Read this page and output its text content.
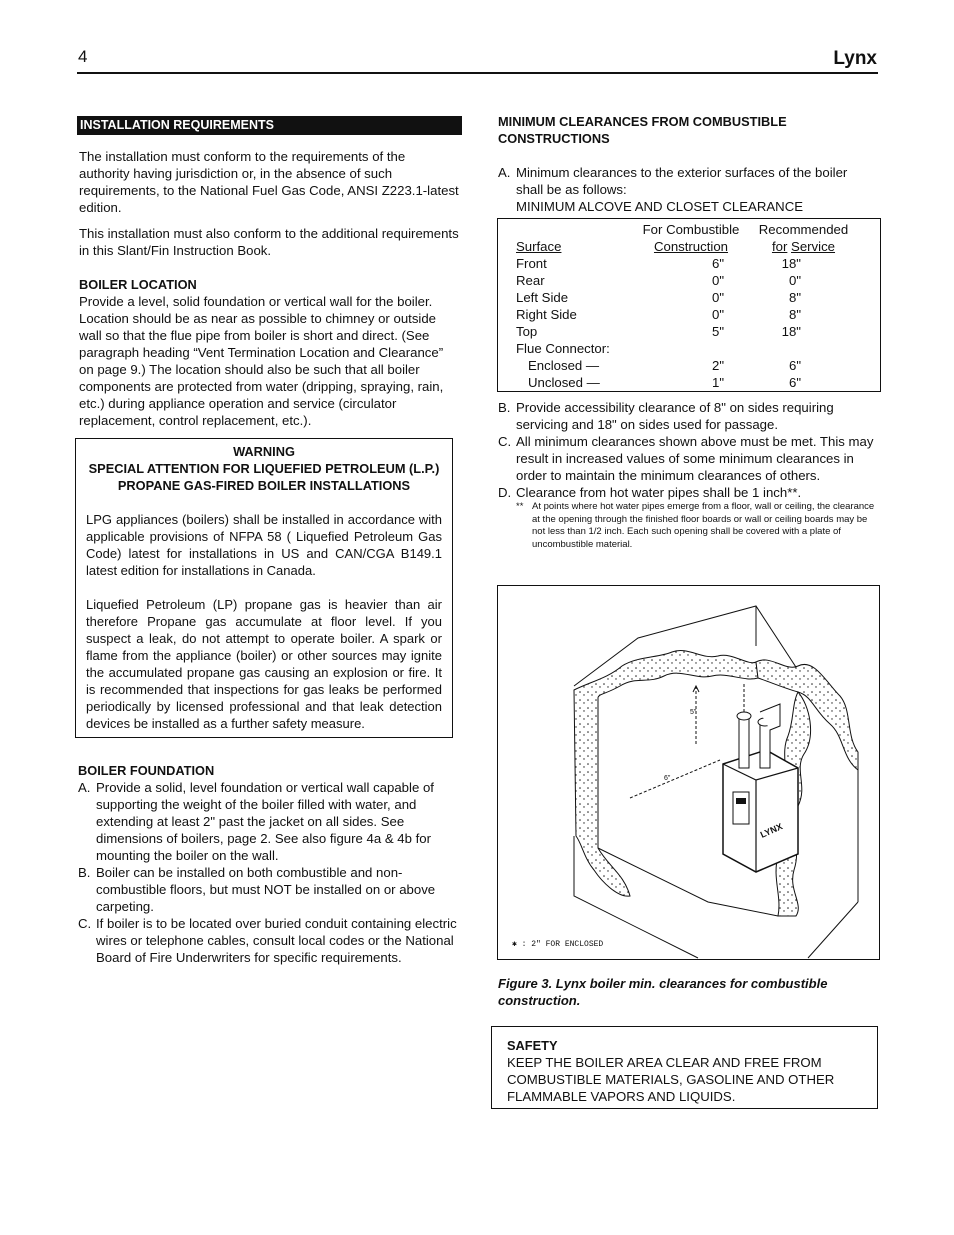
4	Lynx
INSTALLATION REQUIREMENTS

The installation must conform to the requirements of the authority having jurisdiction or, in the absence of such requirements, to the National Fuel Gas Code, ANSI Z223.1-latest edition.

This installation must also conform to the additional requirements in this Slant/Fin Instruction Book.

BOILER LOCATION

Provide a level, solid foundation or vertical wall for the boiler. Location should be as near as possible to chimney or outside wall so that the flue pipe from boiler is short and direct. (See paragraph heading “Vent Termination Location and Clearance” on page 9.) The location should also be such that all boiler components are protected from water (dripping, spraying, rain, etc.) during appliance operation and service (circulator replacement, control replacement, etc.).

WARNING
SPECIAL ATTENTION FOR LIQUEFIED PETROLEUM (L.P.) PROPANE GAS-FIRED BOILER INSTALLATIONS

LPG appliances (boilers) shall be installed in accordance with applicable provisions of NFPA 58 ( Liquefied Petroleum Gas Code) latest for installations in US and CAN/CGA B149.1 latest edition for installations in Canada.

Liquefied Petroleum (LP) propane gas is heavier than air therefore Propane gas accumulate at floor level. If you suspect a leak, do not attempt to operate boiler. A spark or flame from the appliance (boiler) or other sources may ignite the accumulated propane gas causing an explosion or fire. It is recommended that inspections for gas leaks be performed periodically by licensed professional and that leak detection devices be installed as a further safety measure.

BOILER FOUNDATION
A. Provide a solid, level foundation or vertical wall capable of supporting the weight of the boiler filled with water, and extending at least 2" past the jacket on all sides. See dimensions of boilers, page 2. See also figure 4a & 4b for mounting the boiler on the wall.
B. Boiler can be installed on both combustible and non-combustible floors, but must NOT be installed on or above carpeting.
C. If boiler is to be located over buried conduit containing electric wires or telephone cables, consult local codes or the National Board of Fire Underwriters for specific requirements.
MINIMUM CLEARANCES FROM COMBUSTIBLE CONSTRUCTIONS
A. Minimum clearances to the exterior surfaces of the boiler shall be as follows:
MINIMUM ALCOVE AND CLOSET CLEARANCE
	For Combustible	Recommended
Surface	Construction	for Service
Front	6"	18"
Rear	0"	0"
Left Side	0"	8"
Right Side	0"	8"
Top	5"	18"
Flue Connector:		
Enclosed —	2"	6"
Unclosed —	1"	6"
B. Provide accessibility clearance of 8" on sides requiring servicing and 18" on sides used for passage.
C. All minimum clearances shown above must be met. This may result in increased values of some minimum clearances in order to maintain the minimum clearances of others.
D. Clearance from hot water pipes shall be 1 inch**.
** At points where hot water pipes emerge from a floor, wall or ceiling, the clearance at the opening through the finished floor boards or wall or ceiling boards may be not less than 1/2 inch. Each such opening shall be covered with a plate of uncombustible material.
5"
6"
LYNX
✱ : 2" FOR ENCLOSED
Figure 3. Lynx boiler min. clearances for combustible construction.
SAFETY
KEEP THE BOILER AREA CLEAR AND FREE FROM COMBUSTIBLE MATERIALS, GASOLINE AND OTHER FLAMMABLE VAPORS AND LIQUIDS.
